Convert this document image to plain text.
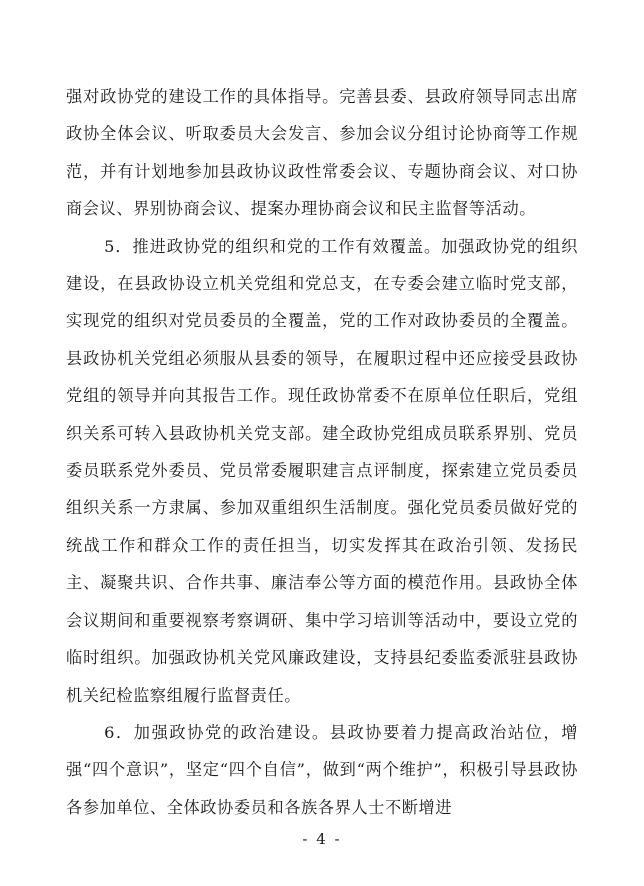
强对政协党的建设工作的具体指导。完善县委、县政府领导同志出席政协全体会议、听取委员大会发言、参加会议分组讨论协商等工作规范，并有计划地参加县政协议政性常委会议、专题协商会议、对口协商会议、界别协商会议、提案办理协商会议和民主监督等活动。

5．推进政协党的组织和党的工作有效覆盖。加强政协党的组织建设，在县政协设立机关党组和党总支，在专委会建立临时党支部，实现党的组织对党员委员的全覆盖，党的工作对政协委员的全覆盖。县政协机关党组必须服从县委的领导，在履职过程中还应接受县政协党组的领导并向其报告工作。现任政协常委不在原单位任职后，党组织关系可转入县政协机关党支部。建全政协党组成员联系界别、党员委员联系党外委员、党员常委履职建言点评制度，探索建立党员委员组织关系一方隶属、参加双重组织生活制度。强化党员委员做好党的统战工作和群众工作的责任担当，切实发挥其在政治引领、发扬民主、凝聚共识、合作共事、廉洁奉公等方面的模范作用。县政协全体会议期间和重要视察考察调研、集中学习培训等活动中，要设立党的临时组织。加强政协机关党风廉政建设，支持县纪委监委派驻县政协机关纪检监察组履行监督责任。

6．加强政协党的政治建设。县政协要着力提高政治站位，增强“四个意识”，坚定“四个自信”，做到“两个维护”，积极引导县政协各参加单位、全体政协委员和各族各界人士不断增进

- 4 -
